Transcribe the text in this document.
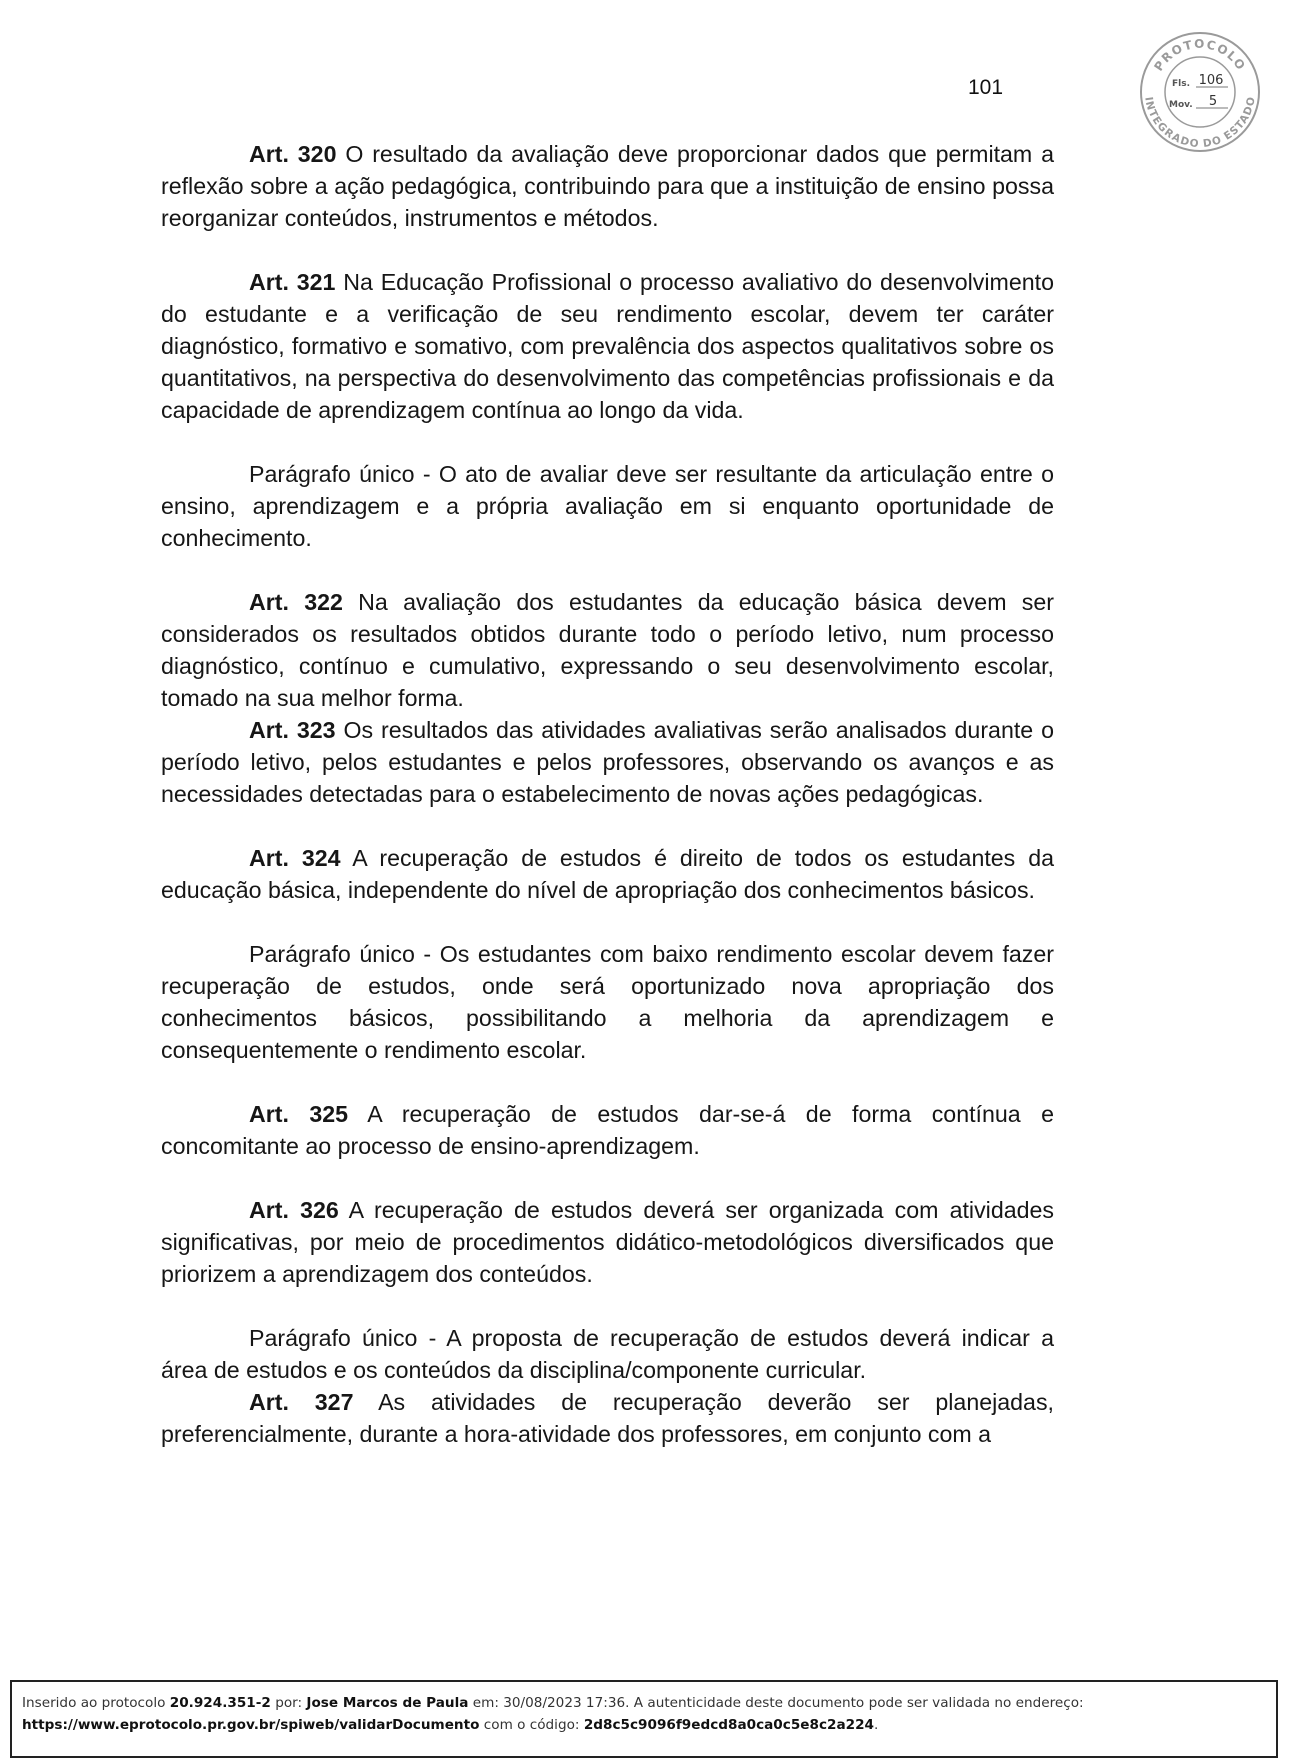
101
PROTOCOLO
INTEGRADO DO ESTADO
Fls. 106
Mov. 5

Art. 320 O resultado da avaliação deve proporcionar dados que permitam a reflexão sobre a ação pedagógica, contribuindo para que a instituição de ensino possa reorganizar conteúdos, instrumentos e métodos.

Art. 321 Na Educação Profissional o processo avaliativo do desenvolvimento do estudante e a verificação de seu rendimento escolar, devem ter caráter diagnóstico, formativo e somativo, com prevalência dos aspectos qualitativos sobre os quantitativos, na perspectiva do desenvolvimento das competências profissionais e da capacidade de aprendizagem contínua ao longo da vida.

Parágrafo único - O ato de avaliar deve ser resultante da articulação entre o ensino, aprendizagem e a própria avaliação em si enquanto oportunidade de conhecimento.

Art. 322 Na avaliação dos estudantes da educação básica devem ser considerados os resultados obtidos durante todo o período letivo, num processo diagnóstico, contínuo e cumulativo, expressando o seu desenvolvimento escolar, tomado na sua melhor forma.

Art. 323 Os resultados das atividades avaliativas serão analisados durante o período letivo, pelos estudantes e pelos professores, observando os avanços e as necessidades detectadas para o estabelecimento de novas ações pedagógicas.

Art. 324 A recuperação de estudos é direito de todos os estudantes da educação básica, independente do nível de apropriação dos conhecimentos básicos.

Parágrafo único - Os estudantes com baixo rendimento escolar devem fazer recuperação de estudos, onde será oportunizado nova apropriação dos conhecimentos básicos, possibilitando a melhoria da aprendizagem e consequentemente o rendimento escolar.

Art. 325 A recuperação de estudos dar-se-á de forma contínua e concomitante ao processo de ensino-aprendizagem.

Art. 326 A recuperação de estudos deverá ser organizada com atividades significativas, por meio de procedimentos didático-metodológicos diversificados que priorizem a aprendizagem dos conteúdos.

Parágrafo único - A proposta de recuperação de estudos deverá indicar a área de estudos e os conteúdos da disciplina/componente curricular.

Art. 327 As atividades de recuperação deverão ser planejadas, preferencialmente, durante a hora-atividade dos professores, em conjunto com a

Inserido ao protocolo 20.924.351-2 por: Jose Marcos de Paula em: 30/08/2023 17:36. A autenticidade deste documento pode ser validada no endereço:
https://www.eprotocolo.pr.gov.br/spiweb/validarDocumento com o código: 2d8c5c9096f9edcd8a0ca0c5e8c2a224.
